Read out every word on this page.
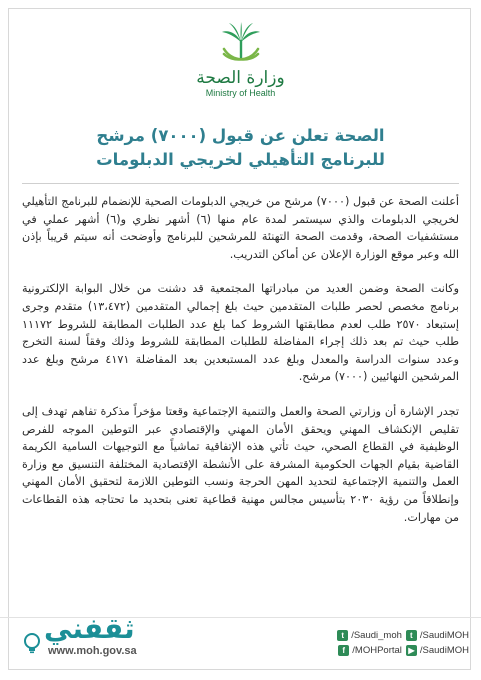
وزارة الصحة
Ministry of Health
الصحة تعلن عن قبول (٧٠٠٠) مرشح
للبرنامج التأهيلي لخريجي الدبلومات

أعلنت الصحة عن قبول (٧٠٠٠) مرشح من خريجي الدبلومات الصحية للإنضمام للبرنامج التأهيلي لخريجي الدبلومات والذي سيستمر لمدة عام منها (٦) أشهر نظري و(٦) أشهر عملي في مستشفيات الصحة، وقدمت الصحة التهنئة للمرشحين للبرنامج وأوضحت أنه سيتم قريباً بإذن الله وعبر موقع الوزارة الإعلان عن أماكن التدريب.

وكانت الصحة وضمن العديد من مبادراتها المجتمعية قد دشنت من خلال البوابة الإلكترونية برنامج مخصص لحصر طلبات المتقدمين حيث بلغ إجمالي المتقدمين (١٣،٤٧٢) متقدم وجرى إستبعاد ٢٥٧٠ طلب لعدم مطابقتها الشروط كما بلغ عدد الطلبات المطابقة للشروط ١١١٧٢ طلب حيث تم بعد ذلك إجراء المفاضلة للطلبات المطابقة للشروط وذلك وفقاً لسنة التخرج وعدد سنوات الدراسة والمعدل وبلغ عدد المستبعدين بعد المفاضلة ٤١٧١ مرشح وبلغ عدد المرشحين النهائيين (٧٠٠٠) مرشح.

تجدر الإشارة أن وزارتي الصحة والعمل والتنمية الإجتماعية وقعتا مؤخراً مذكرة تفاهم تهدف إلى تقليص الإنكشاف المهني ويحقق الأمان المهني والإقتصادي عبر التوطين الموجه للفرص الوظيفية في القطاع الصحي، حيث تأتي هذه الإتفاقية تماشياً مع التوجيهات السامية الكريمة القاضية بقيام الجهات الحكومية المشرفة على الأنشطة الإقتصادية المختلفة التنسيق مع وزارة العمل والتنمية الإجتماعية لتحديد المهن الحرجة ونسب التوطين اللازمة لتحقيق الأمان المهني وإنطلاقاً من رؤية ٢٠٣٠ بتأسيس مجالس مهنية قطاعية تعنى بتحديد ما تحتاجه هذه القطاعات من مهارات.

ثقفني
www.moh.gov.sa
t /Saudi_moh	t /SaudiMOH
f /MOHPortal ▶ /SaudiMOH
